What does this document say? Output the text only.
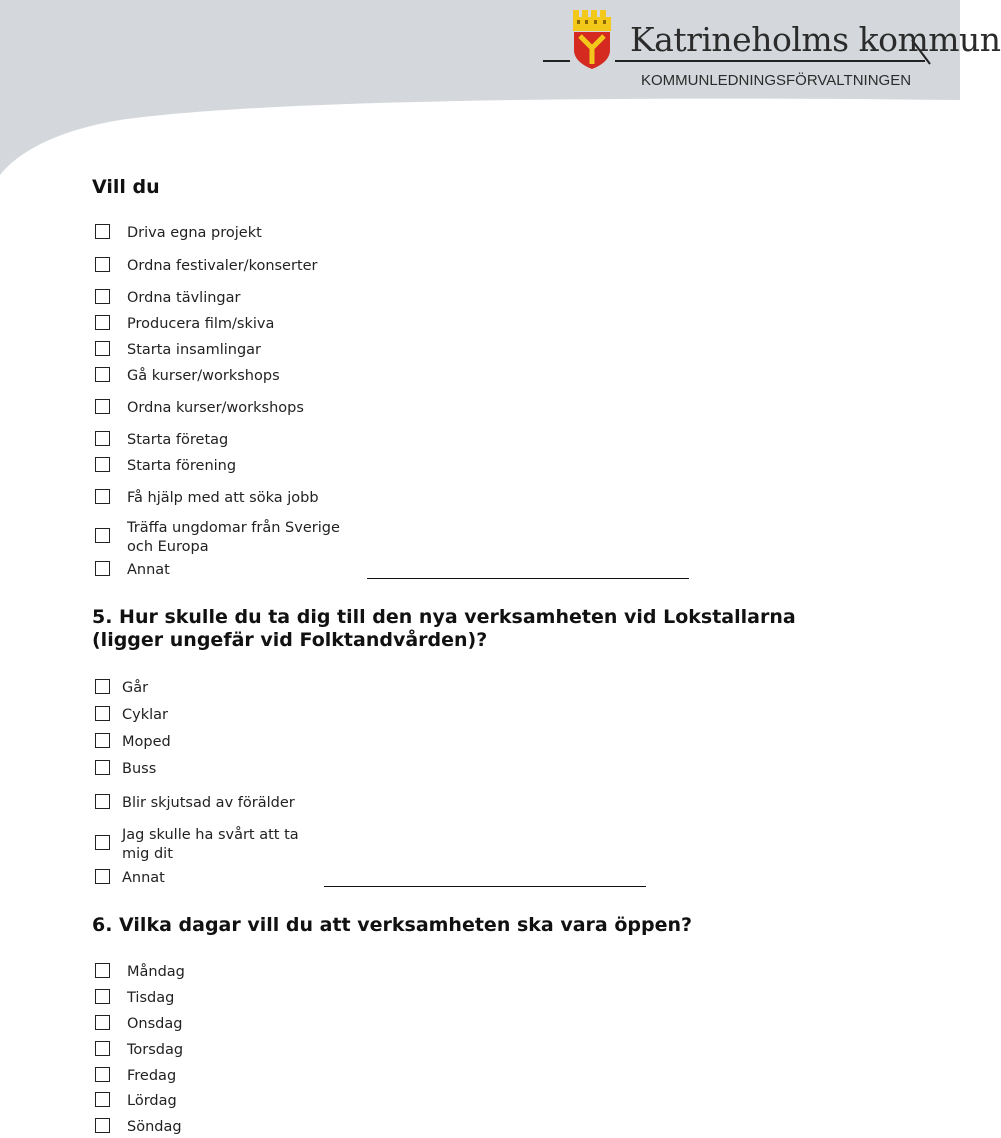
Katrineholms kommun
KOMMUNLEDNINGSFÖRVALTNINGEN
Vill du
Driva egna projekt
Ordna festivaler/konserter
Ordna tävlingar
Producera film/skiva
Starta insamlingar
Gå kurser/workshops
Ordna kurser/workshops
Starta företag
Starta förening
Få hjälp med att söka jobb
Träffa ungdomar från Sverige och Europa
Annat
5. Hur skulle du ta dig till den nya verksamheten vid Lokstallarna (ligger ungefär vid Folktandvården)?
Går
Cyklar
Moped
Buss
Blir skjutsad av förälder
Jag skulle ha svårt att ta mig dit
Annat
6. Vilka dagar vill du att verksamheten ska vara öppen?
Måndag
Tisdag
Onsdag
Torsdag
Fredag
Lördag
Söndag
